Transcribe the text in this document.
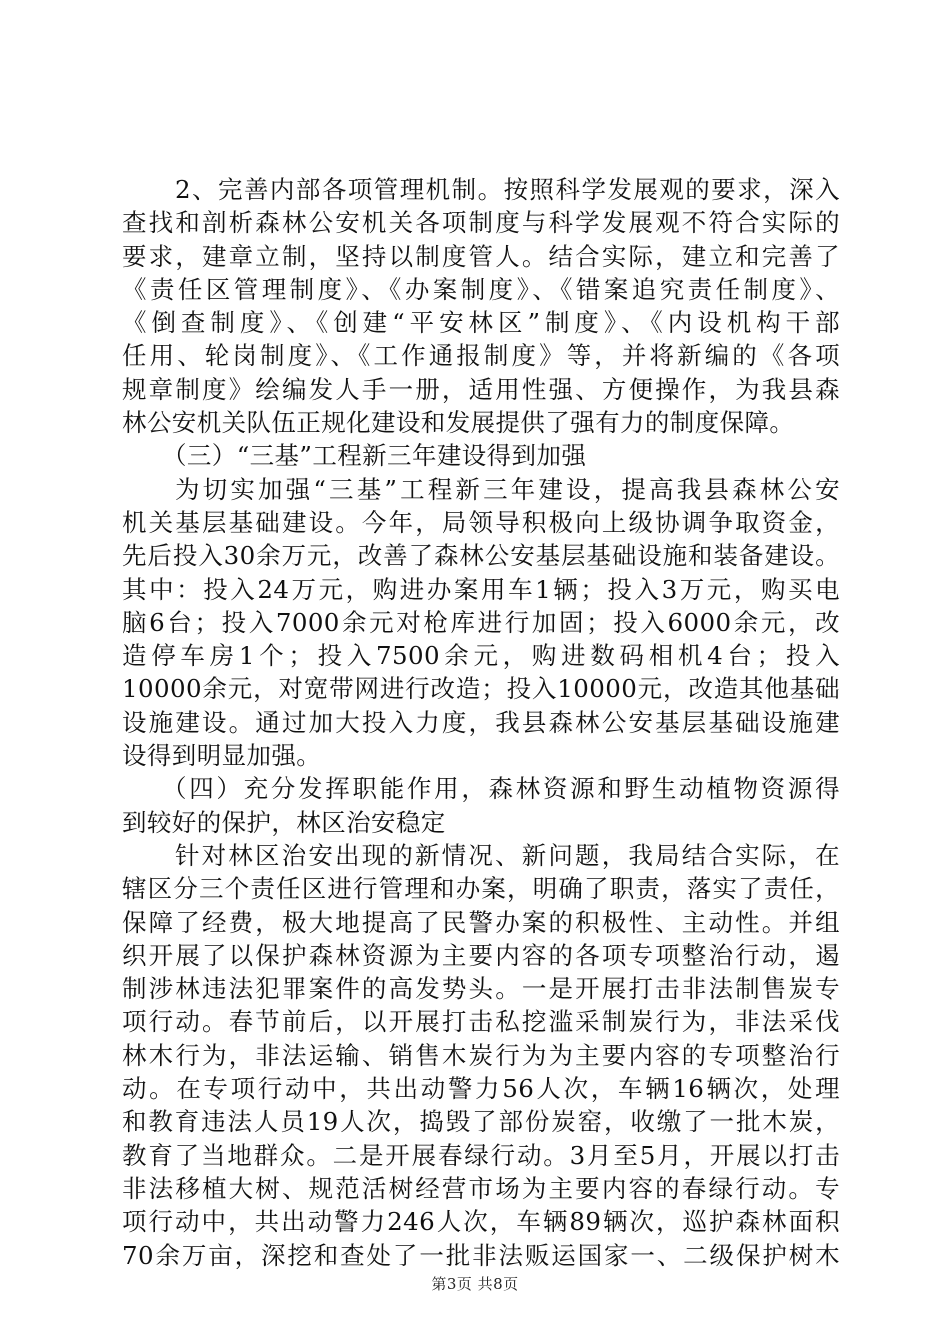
2、完善内部各项管理机制。按照科学发展观的要求，深入
查找和剖析森林公安机关各项制度与科学发展观不符合实际的
要求，建章立制，坚持以制度管人。结合实际，建立和完善了
《责任区管理制度》、《办案制度》、《错案追究责任制度》、
《倒查制度》、《创建“平安林区”制度》、《内设机构干部
任用、轮岗制度》、《工作通报制度》等，并将新编的《各项
规章制度》绘编发人手一册，适用性强、方便操作，为我县森
林公安机关队伍正规化建设和发展提供了强有力的制度保障。
（三）“三基”工程新三年建设得到加强
为切实加强“三基”工程新三年建设，提高我县森林公安
机关基层基础建设。今年，局领导积极向上级协调争取资金，
先后投入30余万元，改善了森林公安基层基础设施和装备建设。
其中：投入24万元，购进办案用车1辆；投入3万元，购买电
脑6台；投入7000余元对枪库进行加固；投入6000余元，改
造停车房1个；投入7500余元，购进数码相机4台；投入
10000余元，对宽带网进行改造；投入10000元，改造其他基础
设施建设。通过加大投入力度，我县森林公安基层基础设施建
设得到明显加强。
（四）充分发挥职能作用，森林资源和野生动植物资源得
到较好的保护，林区治安稳定
针对林区治安出现的新情况、新问题，我局结合实际，在
辖区分三个责任区进行管理和办案，明确了职责，落实了责任，
保障了经费，极大地提高了民警办案的积极性、主动性。并组
织开展了以保护森林资源为主要内容的各项专项整治行动，遏
制涉林违法犯罪案件的高发势头。一是开展打击非法制售炭专
项行动。春节前后，以开展打击私挖滥采制炭行为，非法采伐
林木行为，非法运输、销售木炭行为为主要内容的专项整治行
动。在专项行动中，共出动警力56人次，车辆16辆次，处理
和教育违法人员19人次，捣毁了部份炭窑，收缴了一批木炭，
教育了当地群众。二是开展春绿行动。3月至5月，开展以打击
非法移植大树、规范活树经营市场为主要内容的春绿行动。专
项行动中，共出动警力246人次，车辆89辆次，巡护森林面积
70余万亩，深挖和查处了一批非法贩运国家一、二级保护树木
第3页 共8页
